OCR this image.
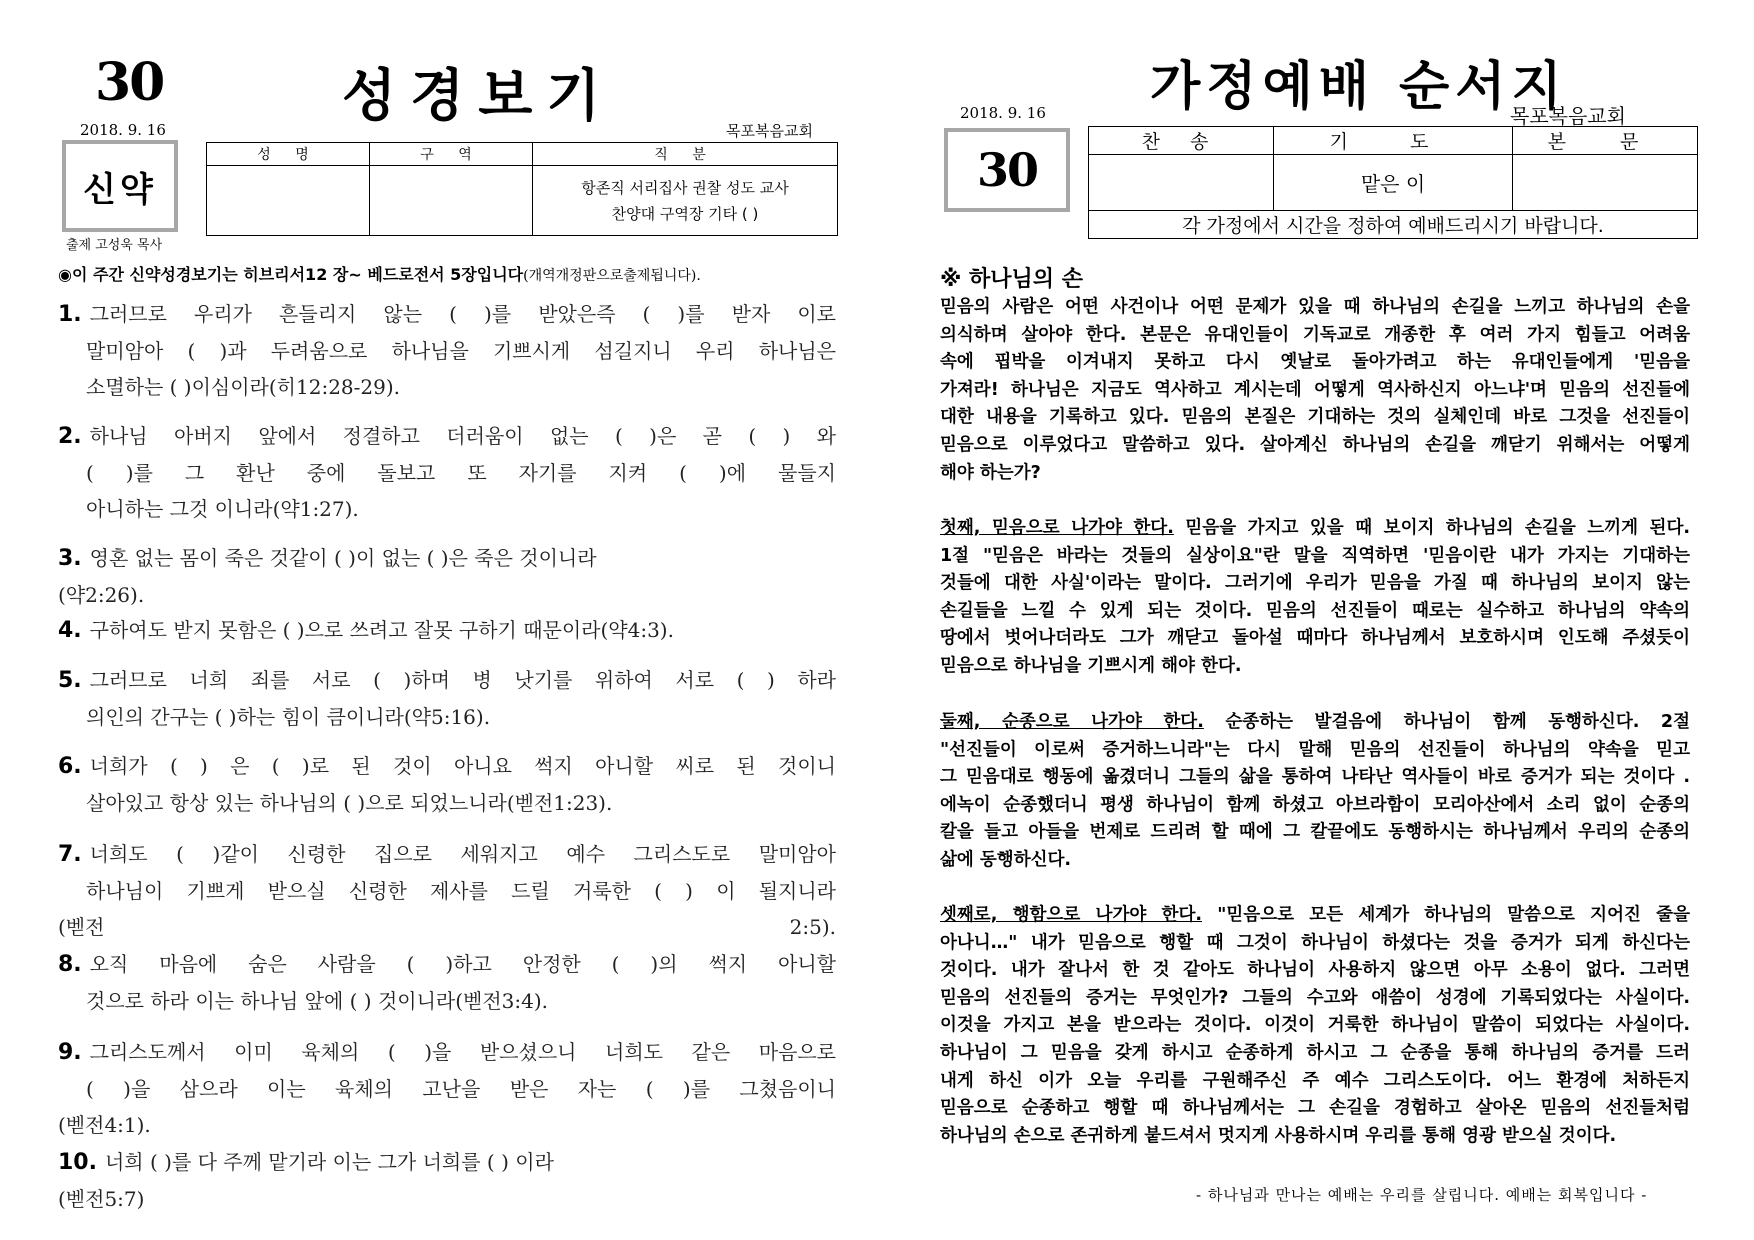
30	성경보기
2018. 9. 16	목포복음교회
신약
출제 고성욱 목사
성 명	구 역	직 분

		항존직 서리집사 권찰 성도 교사
찬양대 구역장 기타 ( )
◉이 주간 신약성경보기는 히브리서12 장~ 베드로전서 5장입니다(개역개정판으로출제됩니다).
1. 그러므로 우리가 흔들리지 않는 ( )를 받았은즉 ( )를 받자 이로
말미암아 ( )과 두려움으로 하나님을 기쁘시게 섬길지니 우리 하나님은
소멸하는 ( )이심이라(히12:28-29).
2. 하나님 아버지 앞에서 정결하고 더러움이 없는 ( )은 곧 ( ) 와
( )를 그 환난 중에 돌보고 또 자기를 지켜 ( )에 물들지
아니하는 그것 이니라(약1:27).
3. 영혼 없는 몸이 죽은 것같이 ( )이 없는 ( )은 죽은 것이니라
(약2:26).
4. 구하여도 받지 못함은 ( )으로 쓰려고 잘못 구하기 때문이라(약4:3).
5. 그러므로 너희 죄를 서로 ( )하며 병 낫기를 위하여 서로 ( ) 하라
의인의 간구는 ( )하는 힘이 큼이니라(약5:16).
6. 너희가 ( ) 은 ( )로 된 것이 아니요 썩지 아니할 씨로 된 것이니
살아있고 항상 있는 하나님의 ( )으로 되었느니라(벧전1:23).
7. 너희도 ( )같이 신령한 집으로 세워지고 예수 그리스도로 말미암아
하나님이 기쁘게 받으실 신령한 제사를 드릴 거룩한 ( ) 이 될지니라
(벧전 2:5).
8. 오직 마음에 숨은 사람을 ( )하고 안정한 ( )의 썩지 아니할
것으로 하라 이는 하나님 앞에 ( ) 것이니라(벧전3:4).
9. 그리스도께서 이미 육체의 ( )을 받으셨으니 너희도 같은 마음으로
( )을 삼으라 이는 육체의 고난을 받은 자는 ( )를 그쳤음이니
(벧전4:1).
10. 너희 ( )를 다 주께 맡기라 이는 그가 너희를 ( ) 이라
(벧전5:7)
가정예배 순서지
2018. 9. 16	목포복음교회
30
찬 송	기 도	본 문
	맡은 이	
각 가정에서 시간을 정하여 예배드리시기 바랍니다.		
※ 하나님의 손
믿음의 사람은 어떤 사건이나 어떤 문제가 있을 때 하나님의 손길을 느끼고 하나님의 손을
의식하며 살아야 한다. 본문은 유대인들이 기독교로 개종한 후 여러 가지 힘들고 어려움
속에 핍박을 이겨내지 못하고 다시 옛날로 돌아가려고 하는 유대인들에게 '믿음을
가져라! 하나님은 지금도 역사하고 계시는데 어떻게 역사하신지 아느냐'며 믿음의 선진들에
대한 내용을 기록하고 있다. 믿음의 본질은 기대하는 것의 실체인데 바로 그것을 선진들이
믿음으로 이루었다고 말씀하고 있다. 살아계신 하나님의 손길을 깨닫기 위해서는 어떻게
해야 하는가?
첫째, 믿음으로 나가야 한다. 믿음을 가지고 있을 때 보이지 하나님의 손길을 느끼게 된다.
1절 "믿음은 바라는 것들의 실상이요"란 말을 직역하면 '믿음이란 내가 가지는 기대하는
것들에 대한 사실'이라는 말이다. 그러기에 우리가 믿음을 가질 때 하나님의 보이지 않는
손길들을 느낄 수 있게 되는 것이다. 믿음의 선진들이 때로는 실수하고 하나님의 약속의
땅에서 벗어나더라도 그가 깨닫고 돌아설 때마다 하나님께서 보호하시며 인도해 주셨듯이
믿음으로 하나님을 기쁘시게 해야 한다.
둘째, 순종으로 나가야 한다. 순종하는 발걸음에 하나님이 함께 동행하신다. 2절
"선진들이 이로써 증거하느니라"는 다시 말해 믿음의 선진들이 하나님의 약속을 믿고
그 믿음대로 행동에 옮겼더니 그들의 삶을 통하여 나타난 역사들이 바로 증거가 되는 것이다 .
에녹이 순종했더니 평생 하나님이 함께 하셨고 아브라함이 모리아산에서 소리 없이 순종의
칼을 들고 아들을 번제로 드리려 할 때에 그 칼끝에도 동행하시는 하나님께서 우리의 순종의
삶에 동행하신다.
셋째로, 행함으로 나가야 한다. "믿음으로 모든 세계가 하나님의 말씀으로 지어진 줄을
아나니…" 내가 믿음으로 행할 때 그것이 하나님이 하셨다는 것을 증거가 되게 하신다는
것이다. 내가 잘나서 한 것 같아도 하나님이 사용하지 않으면 아무 소용이 없다. 그러면
믿음의 선진들의 증거는 무엇인가? 그들의 수고와 애씀이 성경에 기록되었다는 사실이다.
이것을 가지고 본을 받으라는 것이다. 이것이 거룩한 하나님이 말씀이 되었다는 사실이다.
하나님이 그 믿음을 갖게 하시고 순종하게 하시고 그 순종을 통해 하나님의 증거를 드러
내게 하신 이가 오늘 우리를 구원해주신 주 예수 그리스도이다. 어느 환경에 처하든지
믿음으로 순종하고 행할 때 하나님께서는 그 손길을 경험하고 살아온 믿음의 선진들처럼
하나님의 손으로 존귀하게 붙드셔서 멋지게 사용하시며 우리를 통해 영광 받으실 것이다.
- 하나님과 만나는 예배는 우리를 살립니다. 예배는 회복입니다 -
